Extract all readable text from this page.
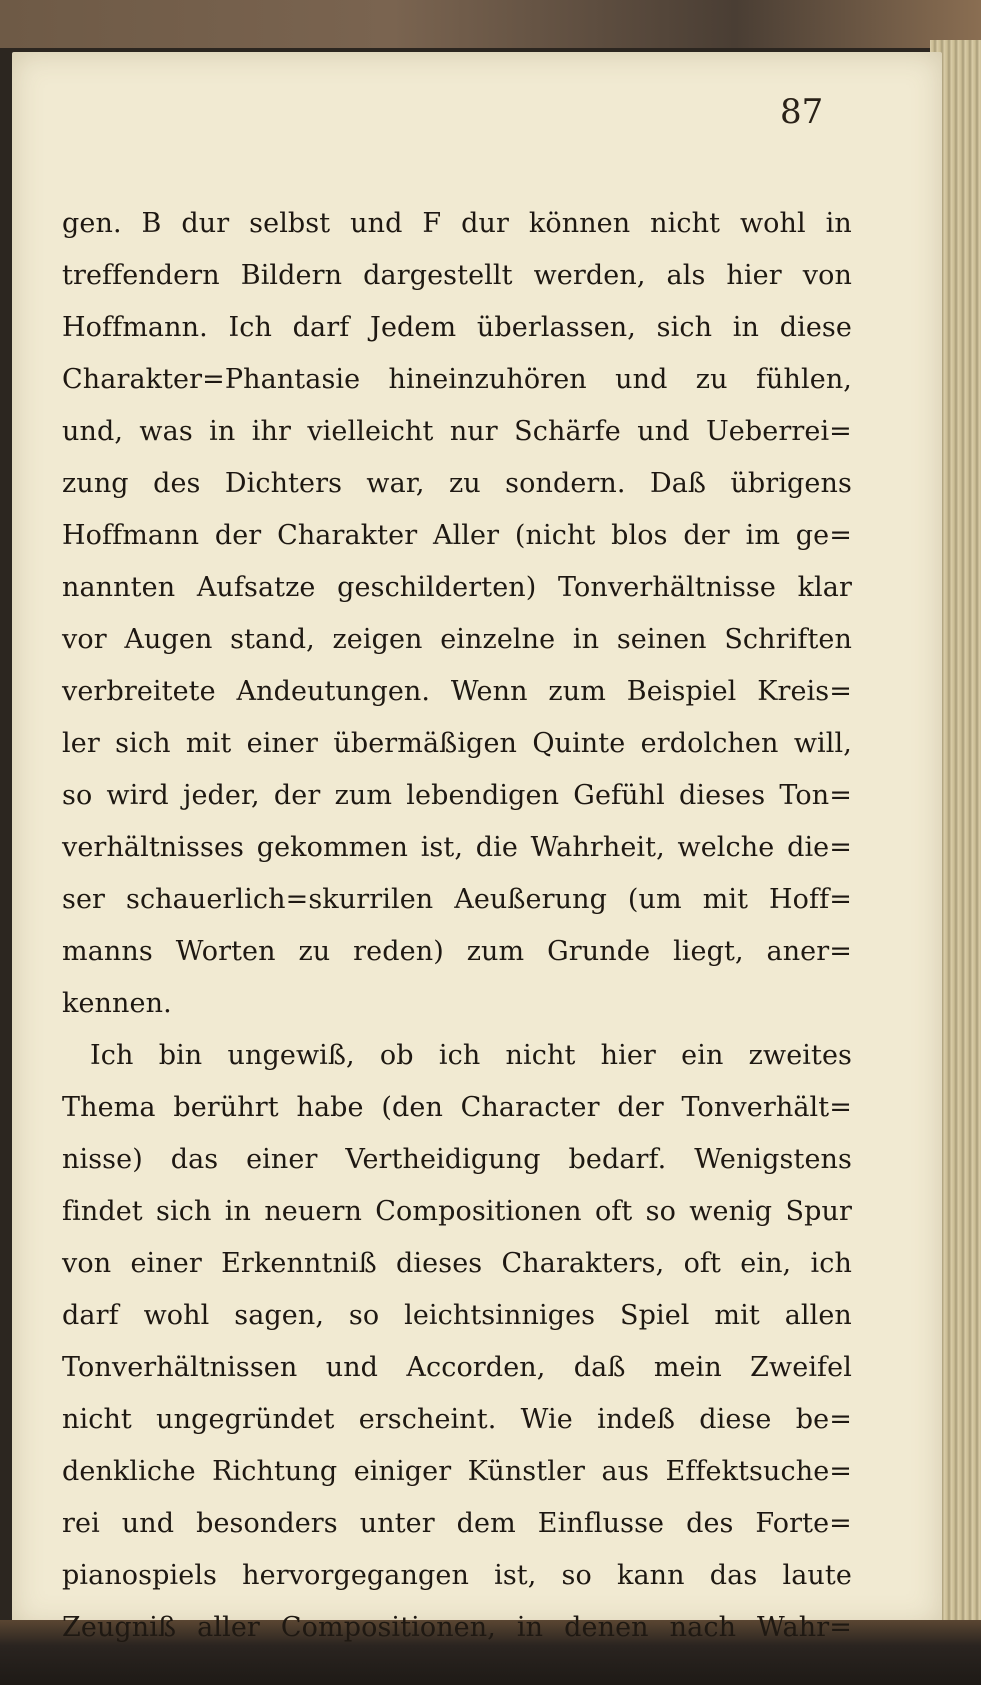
87
gen. B dur selbst und F dur können nicht wohl in
treffendern Bildern dargestellt werden, als hier von
Hoffmann. Ich darf Jedem überlassen, sich in diese
Charakter=Phantasie hineinzuhören und zu fühlen,
und, was in ihr vielleicht nur Schärfe und Ueberrei=
zung des Dichters war, zu sondern. Daß übrigens
Hoffmann der Charakter Aller (nicht blos der im ge=
nannten Aufsatze geschilderten) Tonverhältnisse klar
vor Augen stand, zeigen einzelne in seinen Schriften
verbreitete Andeutungen. Wenn zum Beispiel Kreis=
ler sich mit einer übermäßigen Quinte erdolchen will,
so wird jeder, der zum lebendigen Gefühl dieses Ton=
verhältnisses gekommen ist, die Wahrheit, welche die=
ser schauerlich=skurrilen Aeußerung (um mit Hoff=
manns Worten zu reden) zum Grunde liegt, aner=
kennen.
Ich bin ungewiß, ob ich nicht hier ein zweites
Thema berührt habe (den Character der Tonverhält=
nisse) das einer Vertheidigung bedarf. Wenigstens
findet sich in neuern Compositionen oft so wenig Spur
von einer Erkenntniß dieses Charakters, oft ein, ich
darf wohl sagen, so leichtsinniges Spiel mit allen
Tonverhältnissen und Accorden, daß mein Zweifel
nicht ungegründet erscheint. Wie indeß diese be=
denkliche Richtung einiger Künstler aus Effektsuche=
rei und besonders unter dem Einflusse des Forte=
pianospiels hervorgegangen ist, so kann das laute
Zeugniß aller Compositionen, in denen nach Wahr=
